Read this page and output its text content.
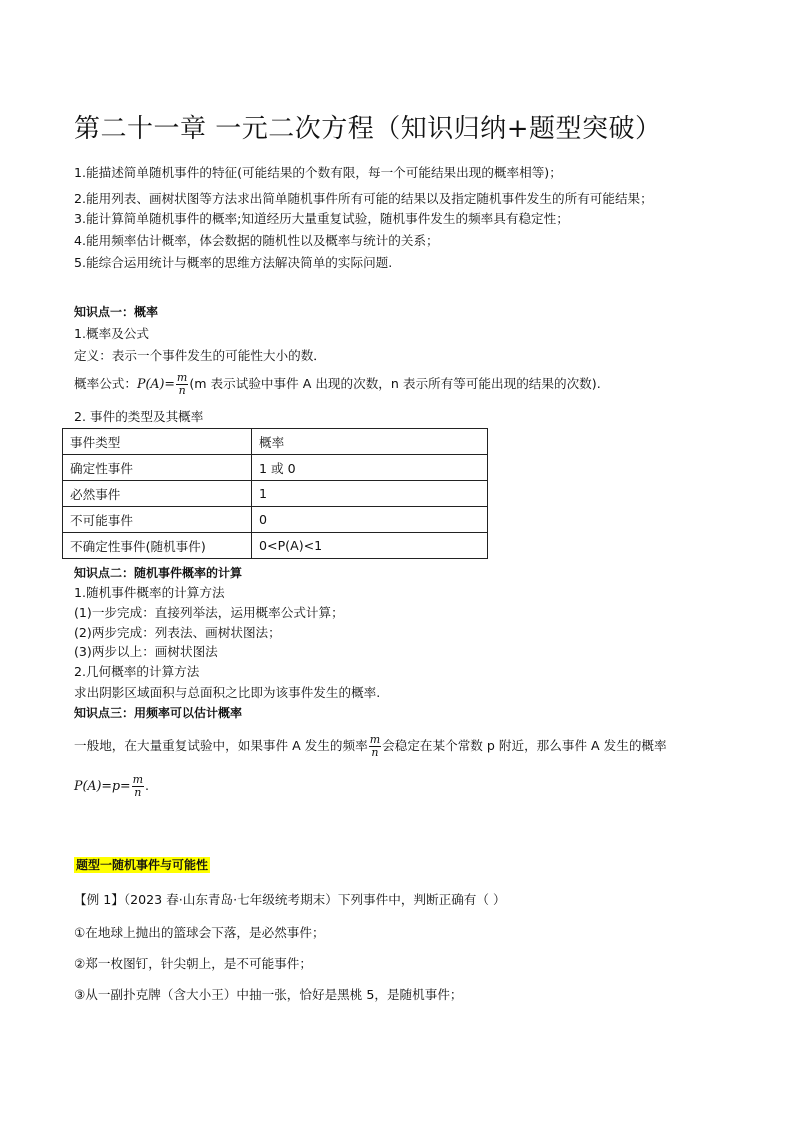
第二十一章 一元二次方程（知识归纳+题型突破）
1.能描述简单随机事件的特征(可能结果的个数有限，每一个可能结果出现的概率相等)；
2.能用列表、画树状图等方法求出简单随机事件所有可能的结果以及指定随机事件发生的所有可能结果；
3.能计算简单随机事件的概率;知道经历大量重复试验，随机事件发生的频率具有稳定性；
4.能用频率估计概率，体会数据的随机性以及概率与统计的关系；
5.能综合运用统计与概率的思维方法解决简单的实际问题.
知识点一：概率
1.概率及公式
定义：表示一个事件发生的可能性大小的数．
概率公式：$P(A)= \frac{m}{n} (m$ 表示试验中事件 A 出现的次数，n 表示所有等可能出现的结果的次数).
2. 事件的类型及其概率
事件类型	概率
确定性事件	1 或 0
必然事件	1
不可能事件	0
不确定性事件(随机事件)	0<P(A)<1
知识点二：随机事件概率的计算
1.随机事件概率的计算方法
(1)一步完成：直接列举法，运用概率公式计算；
(2)两步完成：列表法、画树状图法；
(3)两步以上：画树状图法
2.几何概率的计算方法
求出阴影区域面积与总面积之比即为该事件发生的概率.
知识点三：用频率可以估计概率
一般地，在大量重复试验中，如果事件 A 发生的频率 $\frac{m}{n}$ 会稳定在某个常数 p 附近，那么事件 A 发生的概率
$P(A)=p= \frac{m}{n}$ .
题型一随机事件与可能性
【例 1】（2023 春·山东青岛·七年级统考期末）下列事件中，判断正确有（ ）
①在地球上抛出的篮球会下落，是必然事件；
②郑一枚图钉，针尖朝上，是不可能事件；
③从一副扑克牌（含大小王）中抽一张，恰好是黑桃 5，是随机事件；
